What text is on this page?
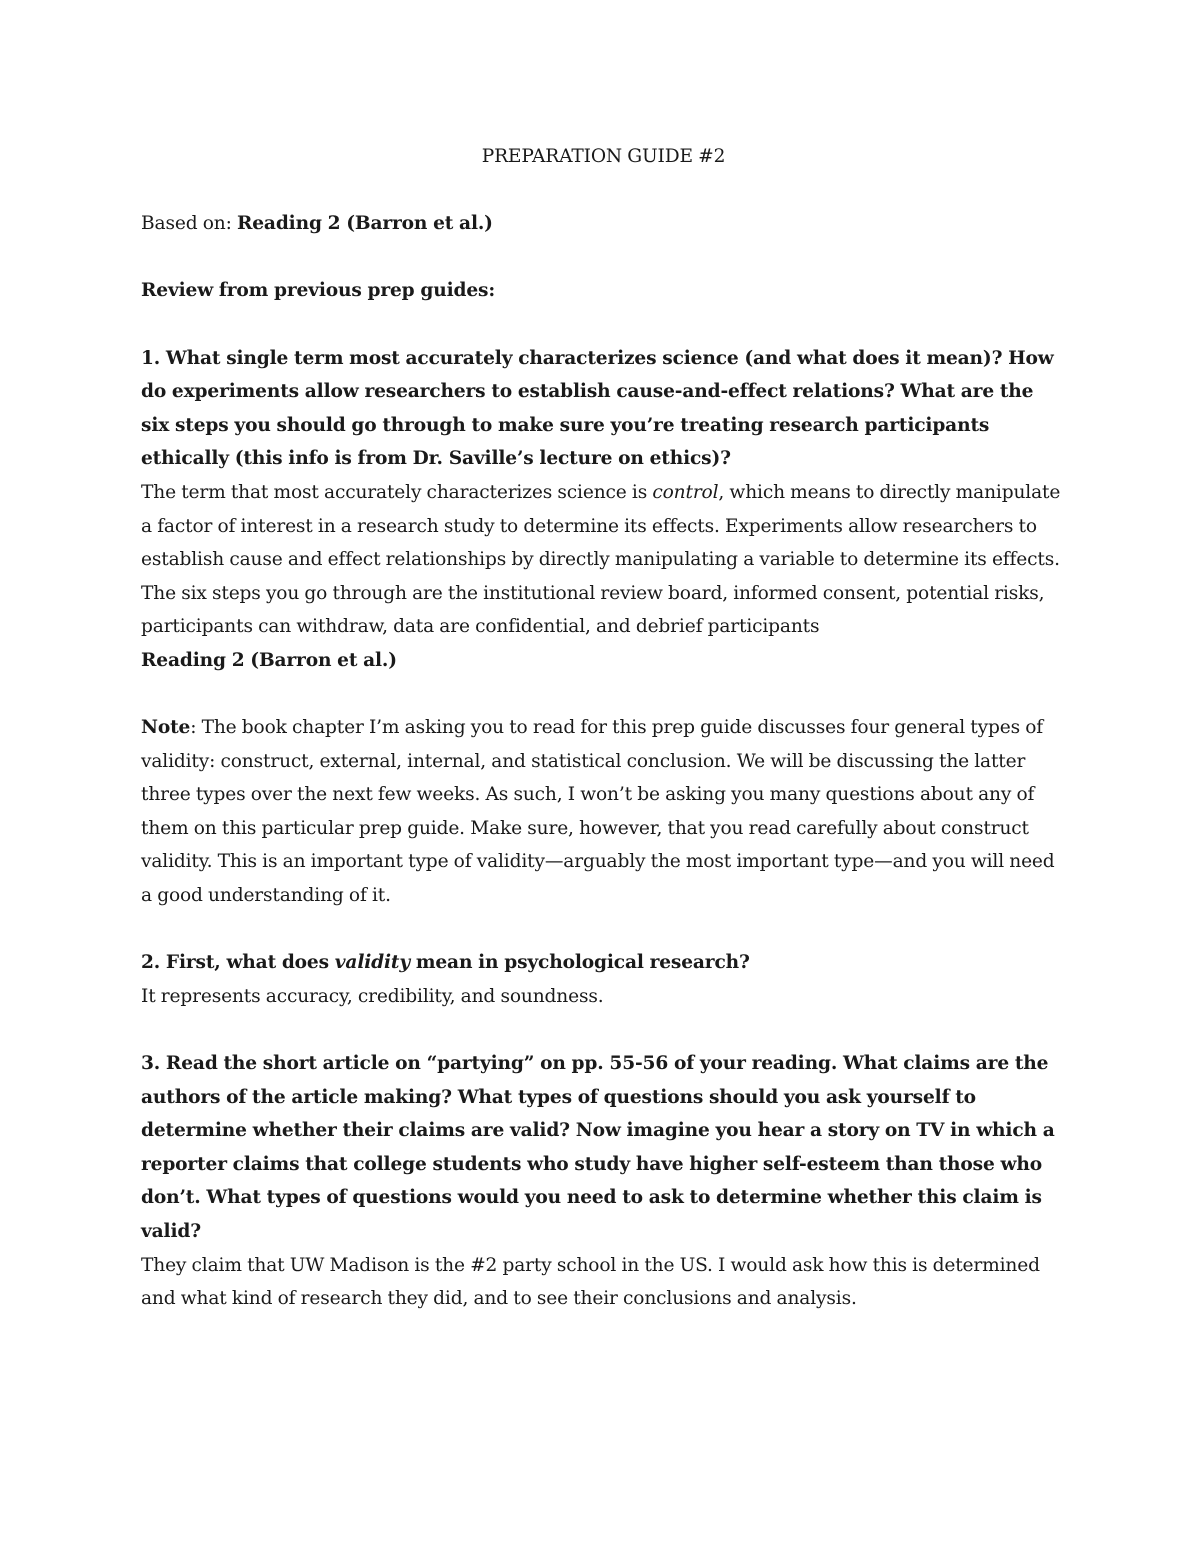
PREPARATION GUIDE #2

Based on: Reading 2 (Barron et al.)

Review from previous prep guides:

1. What single term most accurately characterizes science (and what does it mean)? How do experiments allow researchers to establish cause-and-effect relations? What are the six steps you should go through to make sure you’re treating research participants ethically (this info is from Dr. Saville’s lecture on ethics)?

The term that most accurately characterizes science is control, which means to directly manipulate a factor of interest in a research study to determine its effects. Experiments allow researchers to establish cause and effect relationships by directly manipulating a variable to determine its effects. The six steps you go through are the institutional review board, informed consent, potential risks, participants can withdraw, data are confidential, and debrief participants

Reading 2 (Barron et al.)

Note: The book chapter I’m asking you to read for this prep guide discusses four general types of validity: construct, external, internal, and statistical conclusion. We will be discussing the latter three types over the next few weeks. As such, I won’t be asking you many questions about any of them on this particular prep guide. Make sure, however, that you read carefully about construct validity. This is an important type of validity—arguably the most important type—and you will need a good understanding of it.

2. First, what does validity mean in psychological research?

It represents accuracy, credibility, and soundness.

3. Read the short article on “partying” on pp. 55-56 of your reading. What claims are the authors of the article making? What types of questions should you ask yourself to determine whether their claims are valid? Now imagine you hear a story on TV in which a reporter claims that college students who study have higher self-esteem than those who don’t. What types of questions would you need to ask to determine whether this claim is valid?

They claim that UW Madison is the #2 party school in the US. I would ask how this is determined and what kind of research they did, and to see their conclusions and analysis.
